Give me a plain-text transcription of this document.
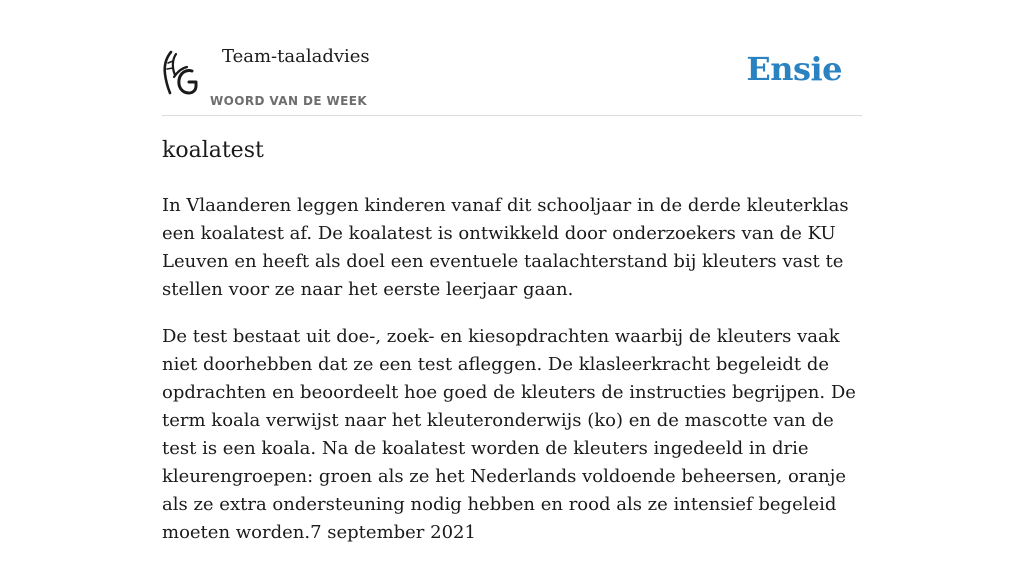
Team-taaladvies
WOORD VAN DE WEEK
Ensie
koalatest

In Vlaanderen leggen kinderen vanaf dit schooljaar in de derde kleuterklas een koalatest af. De koalatest is ontwikkeld door onderzoekers van de KU Leuven en heeft als doel een eventuele taalachterstand bij kleuters vast te stellen voor ze naar het eerste leerjaar gaan.

De test bestaat uit doe-, zoek- en kiesopdrachten waarbij de kleuters vaak niet doorhebben dat ze een test afleggen. De klasleerkracht begeleidt de opdrachten en beoordeelt hoe goed de kleuters de instructies begrijpen. De term koala verwijst naar het kleuteronderwijs (ko) en de mascotte van de test is een koala. Na de koalatest worden de kleuters ingedeeld in drie kleurengroepen: groen als ze het Nederlands voldoende beheersen, oranje als ze extra ondersteuning nodig hebben en rood als ze intensief begeleid moeten worden.7 september 2021
